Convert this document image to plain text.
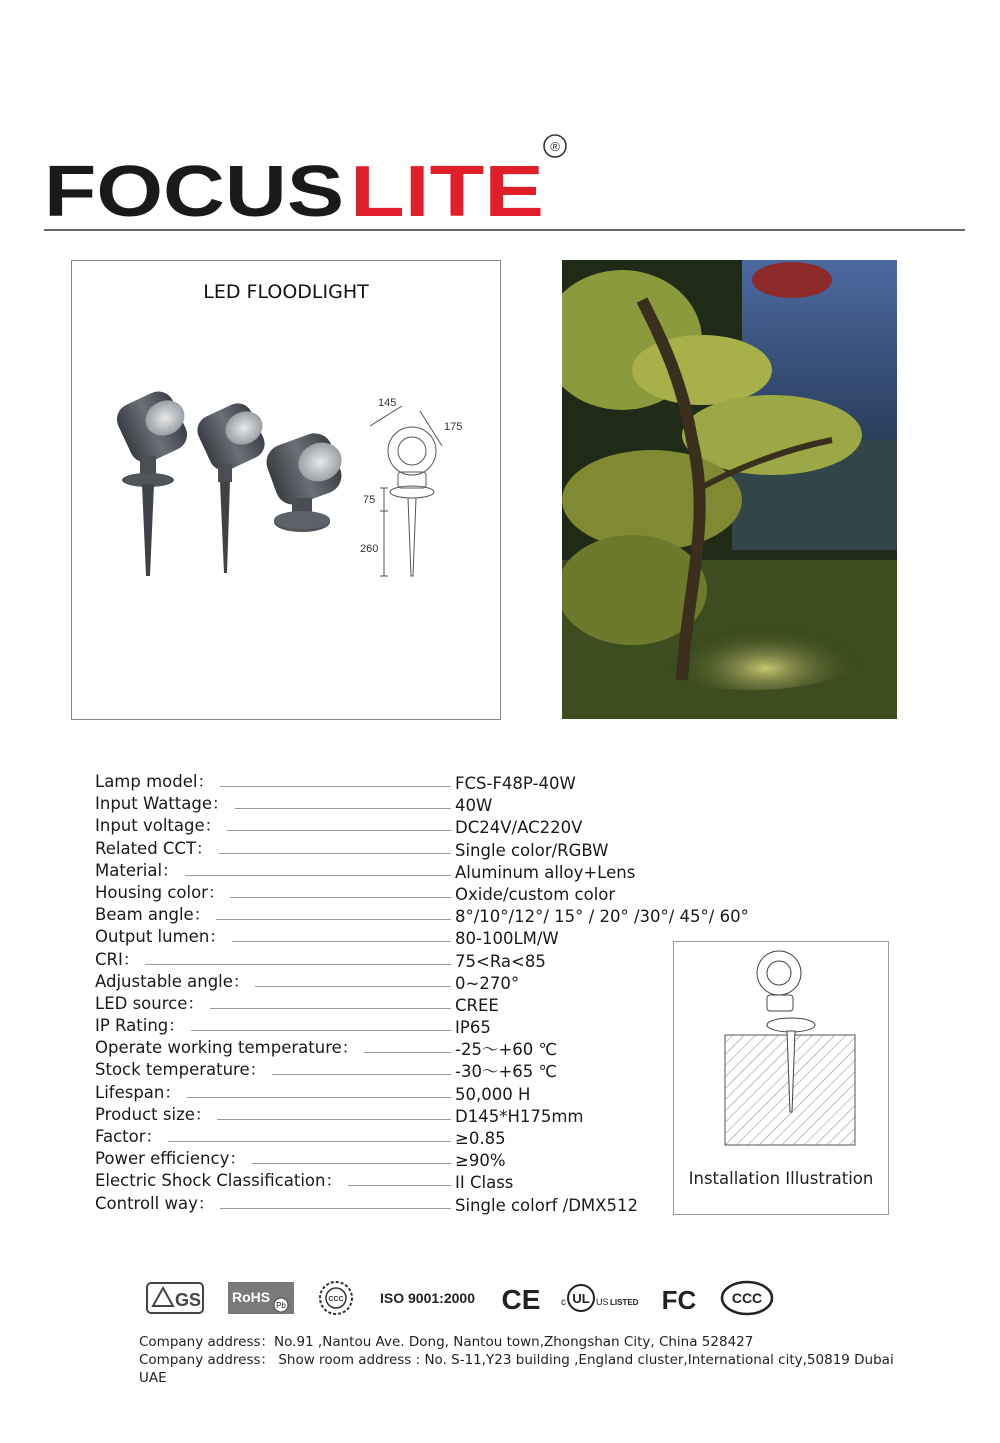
FOCUS LITE
®
LED FLOODLIGHT
145
175
75
260
Lamp model：	FCS-F48P-40W
Input Wattage：	40W
Input voltage：	DC24V/AC220V
Related CCT：	Single color/RGBW
Material：	Aluminum alloy+Lens
Housing color：	Oxide/custom color
Beam angle：	8°/10°/12°/ 15° / 20° /30°/ 45°/ 60°
Output lumen：	80-100LM/W
CRI：	75<Ra<85
Adjustable angle：	0~270°
LED source：	CREE
IP Rating：	IP65
Operate working temperature：	-25～+60 ℃
Stock temperature：	-30～+65 ℃
Lifespan：	50,000 H
Product size：	D145*H175mm
Factor：	≥0.85
Power efficiency：	≥90%
Electric Shock Classification：	II Class
Controll way：	Single colorf /DMX512
Installation Illustration
GS RoHS
Pb
CCC	ISO 9001:2000 CE c UL US LISTED FC	CCC
Company address：No.91 ,Nantou Ave. Dong, Nantou town,Zhongshan City, China 528427
Company address： Show room address : No. S-11,Y23 building ,England cluster,International city,50819 Dubai UAE
